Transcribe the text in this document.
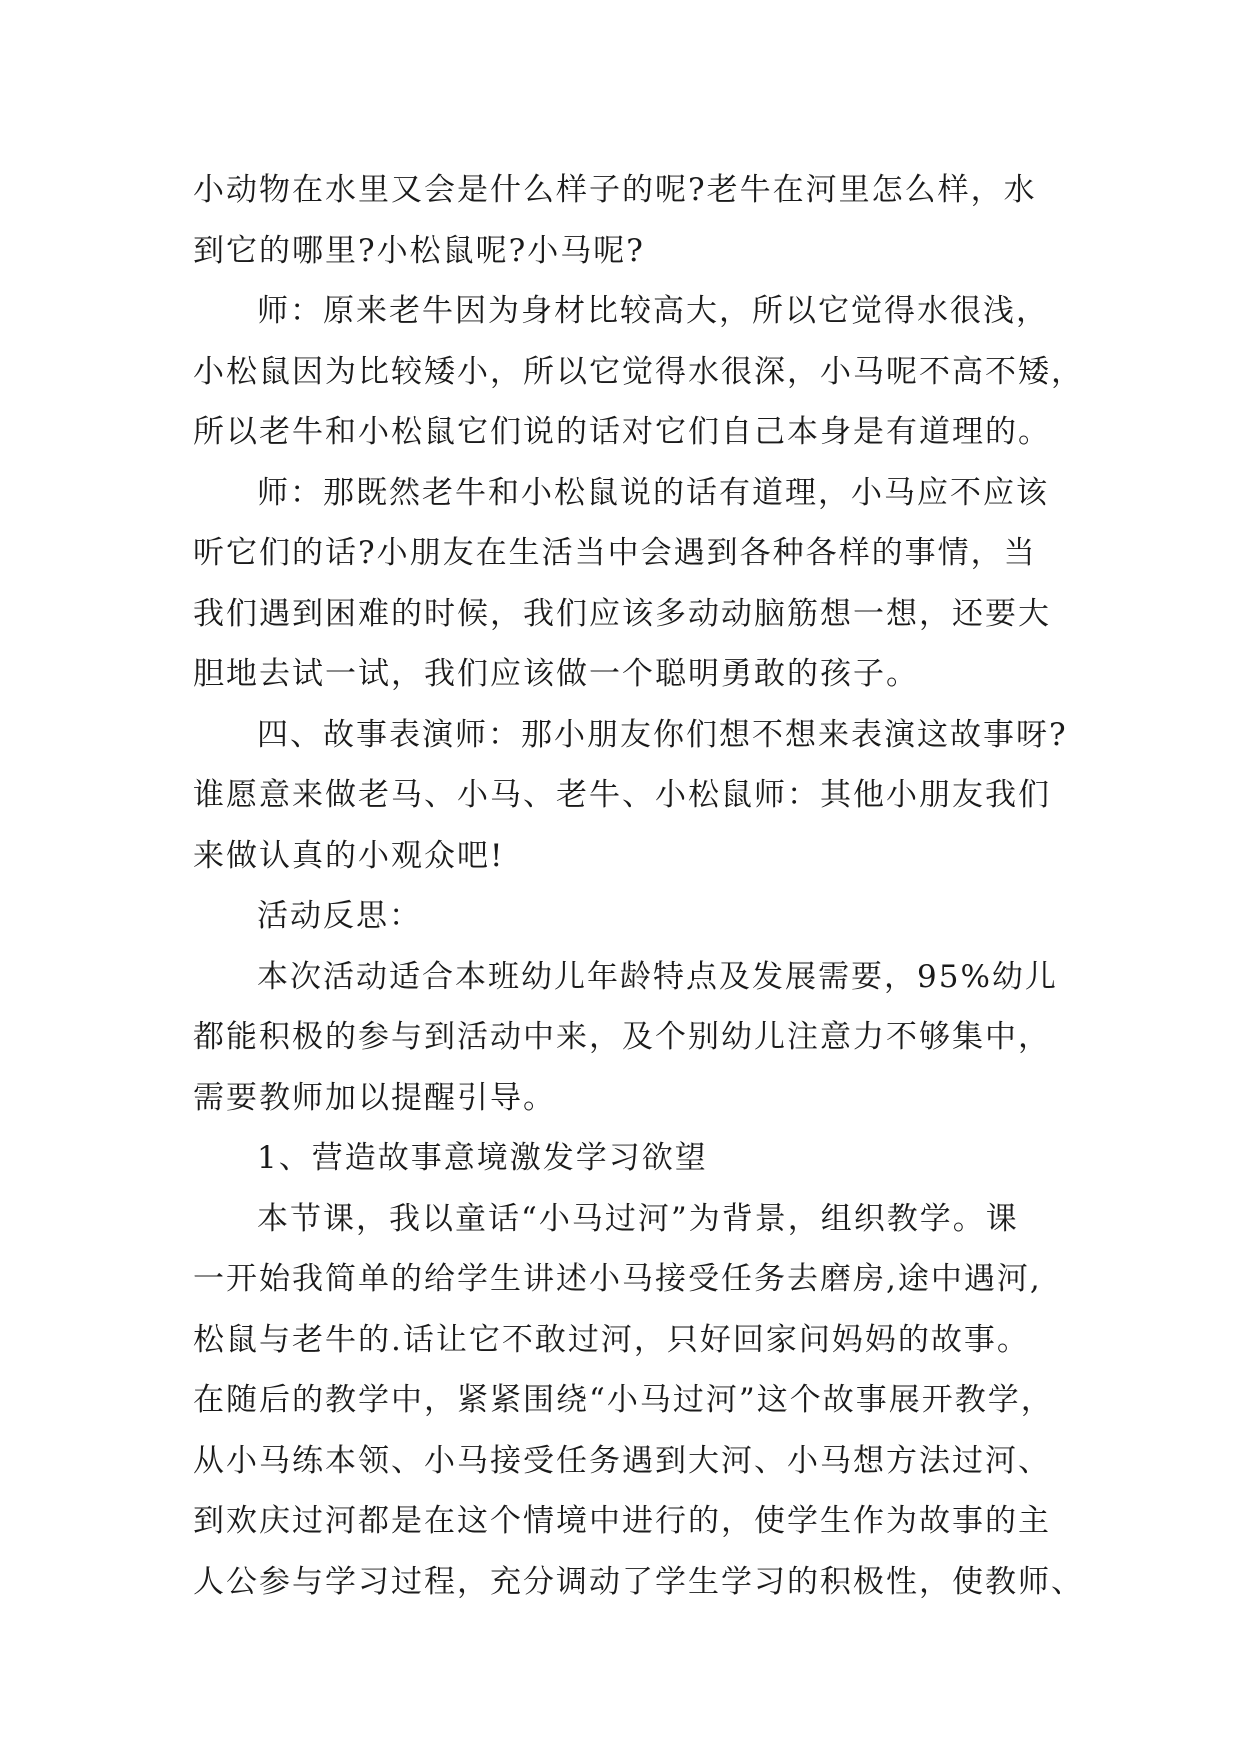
小动物在水里又会是什么样子的呢?老牛在河里怎么样，水
到它的哪里?小松鼠呢?小马呢?

师：原来老牛因为身材比较高大，所以它觉得水很浅，
小松鼠因为比较矮小，所以它觉得水很深，小马呢不高不矮，
所以老牛和小松鼠它们说的话对它们自己本身是有道理的。

师：那既然老牛和小松鼠说的话有道理，小马应不应该
听它们的话?小朋友在生活当中会遇到各种各样的事情，当
我们遇到困难的时候，我们应该多动动脑筋想一想，还要大
胆地去试一试，我们应该做一个聪明勇敢的孩子。

四、故事表演师：那小朋友你们想不想来表演这故事呀?
谁愿意来做老马、小马、老牛、小松鼠师：其他小朋友我们
来做认真的小观众吧!

活动反思：

本次活动适合本班幼儿年龄特点及发展需要，95%幼儿
都能积极的参与到活动中来，及个别幼儿注意力不够集中，
需要教师加以提醒引导。

1、营造故事意境激发学习欲望

本节课，我以童话“小马过河”为背景，组织教学。课
一开始我简单的给学生讲述小马接受任务去磨房,途中遇河,
松鼠与老牛的.话让它不敢过河，只好回家问妈妈的故事。
在随后的教学中，紧紧围绕“小马过河”这个故事展开教学，
从小马练本领、小马接受任务遇到大河、小马想方法过河、
到欢庆过河都是在这个情境中进行的，使学生作为故事的主
人公参与学习过程，充分调动了学生学习的积极性，使教师、
